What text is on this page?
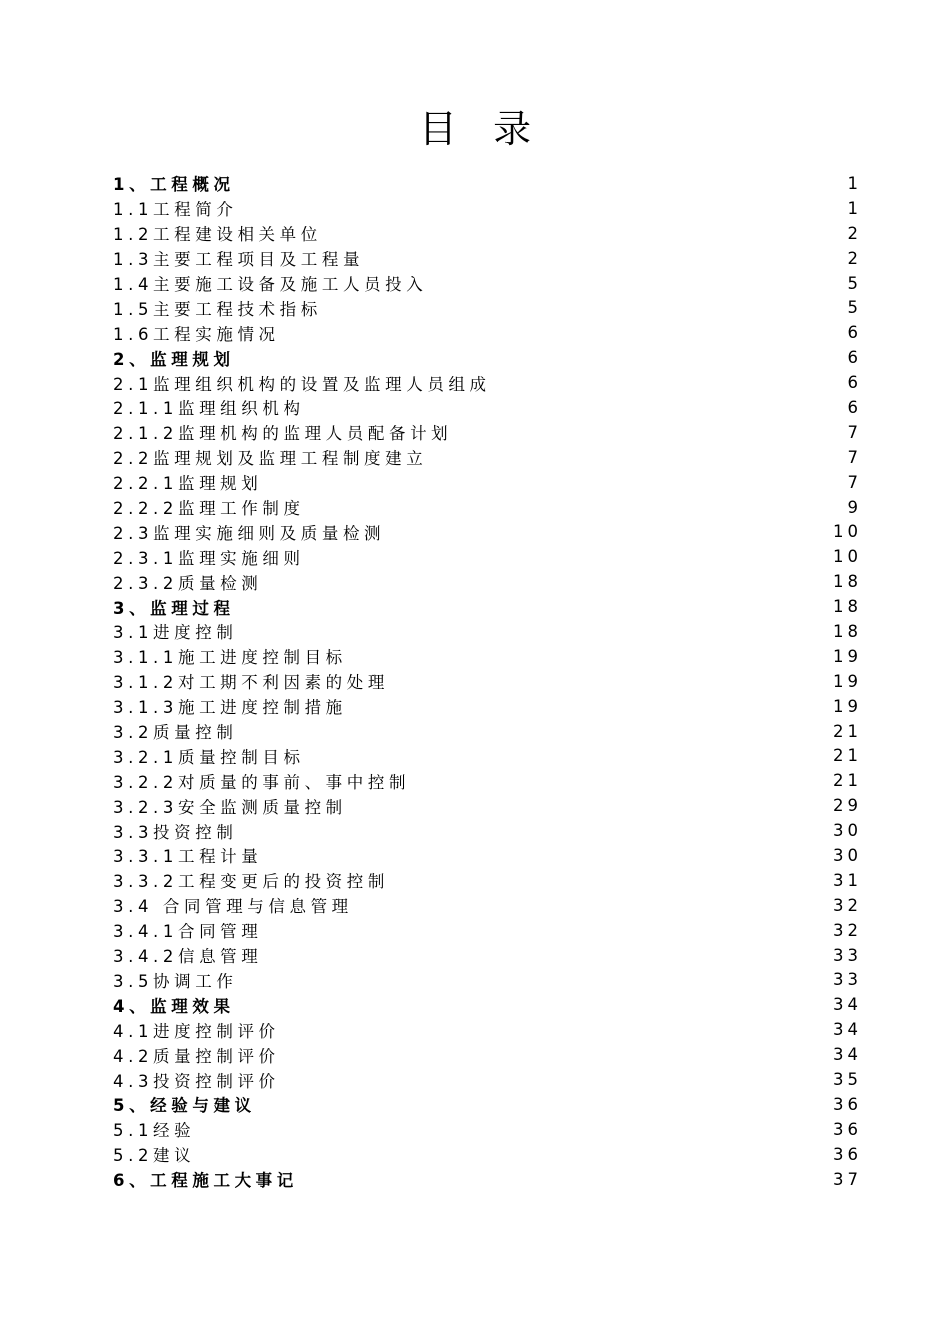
目   录
1、工程概况	1
1.1工程简介	1
1.2工程建设相关单位	2
1.3主要工程项目及工程量	2
1.4主要施工设备及施工人员投入	5
1.5主要工程技术指标	5
1.6工程实施情况	6
2、监理规划	6
2.1监理组织机构的设置及监理人员组成	6
2.1.1监理组织机构	6
2.1.2监理机构的监理人员配备计划	7
2.2监理规划及监理工程制度建立	7
2.2.1监理规划	7
2.2.2监理工作制度	9
2.3监理实施细则及质量检测	10
2.3.1监理实施细则	10
2.3.2质量检测	18
3、监理过程	18
3.1进度控制	18
3.1.1施工进度控制目标	19
3.1.2对工期不利因素的处理	19
3.1.3施工进度控制措施	19
3.2质量控制	21
3.2.1质量控制目标	21
3.2.2对质量的事前、事中控制	21
3.2.3安全监测质量控制	29
3.3投资控制	30
3.3.1工程计量	30
3.3.2工程变更后的投资控制	31
3.4 合同管理与信息管理	32
3.4.1合同管理	32
3.4.2信息管理	33
3.5协调工作	33
4、监理效果	34
4.1进度控制评价	34
4.2质量控制评价	34
4.3投资控制评价	35
5、经验与建议	36
5.1经验	36
5.2建议	36
6、工程施工大事记	37
